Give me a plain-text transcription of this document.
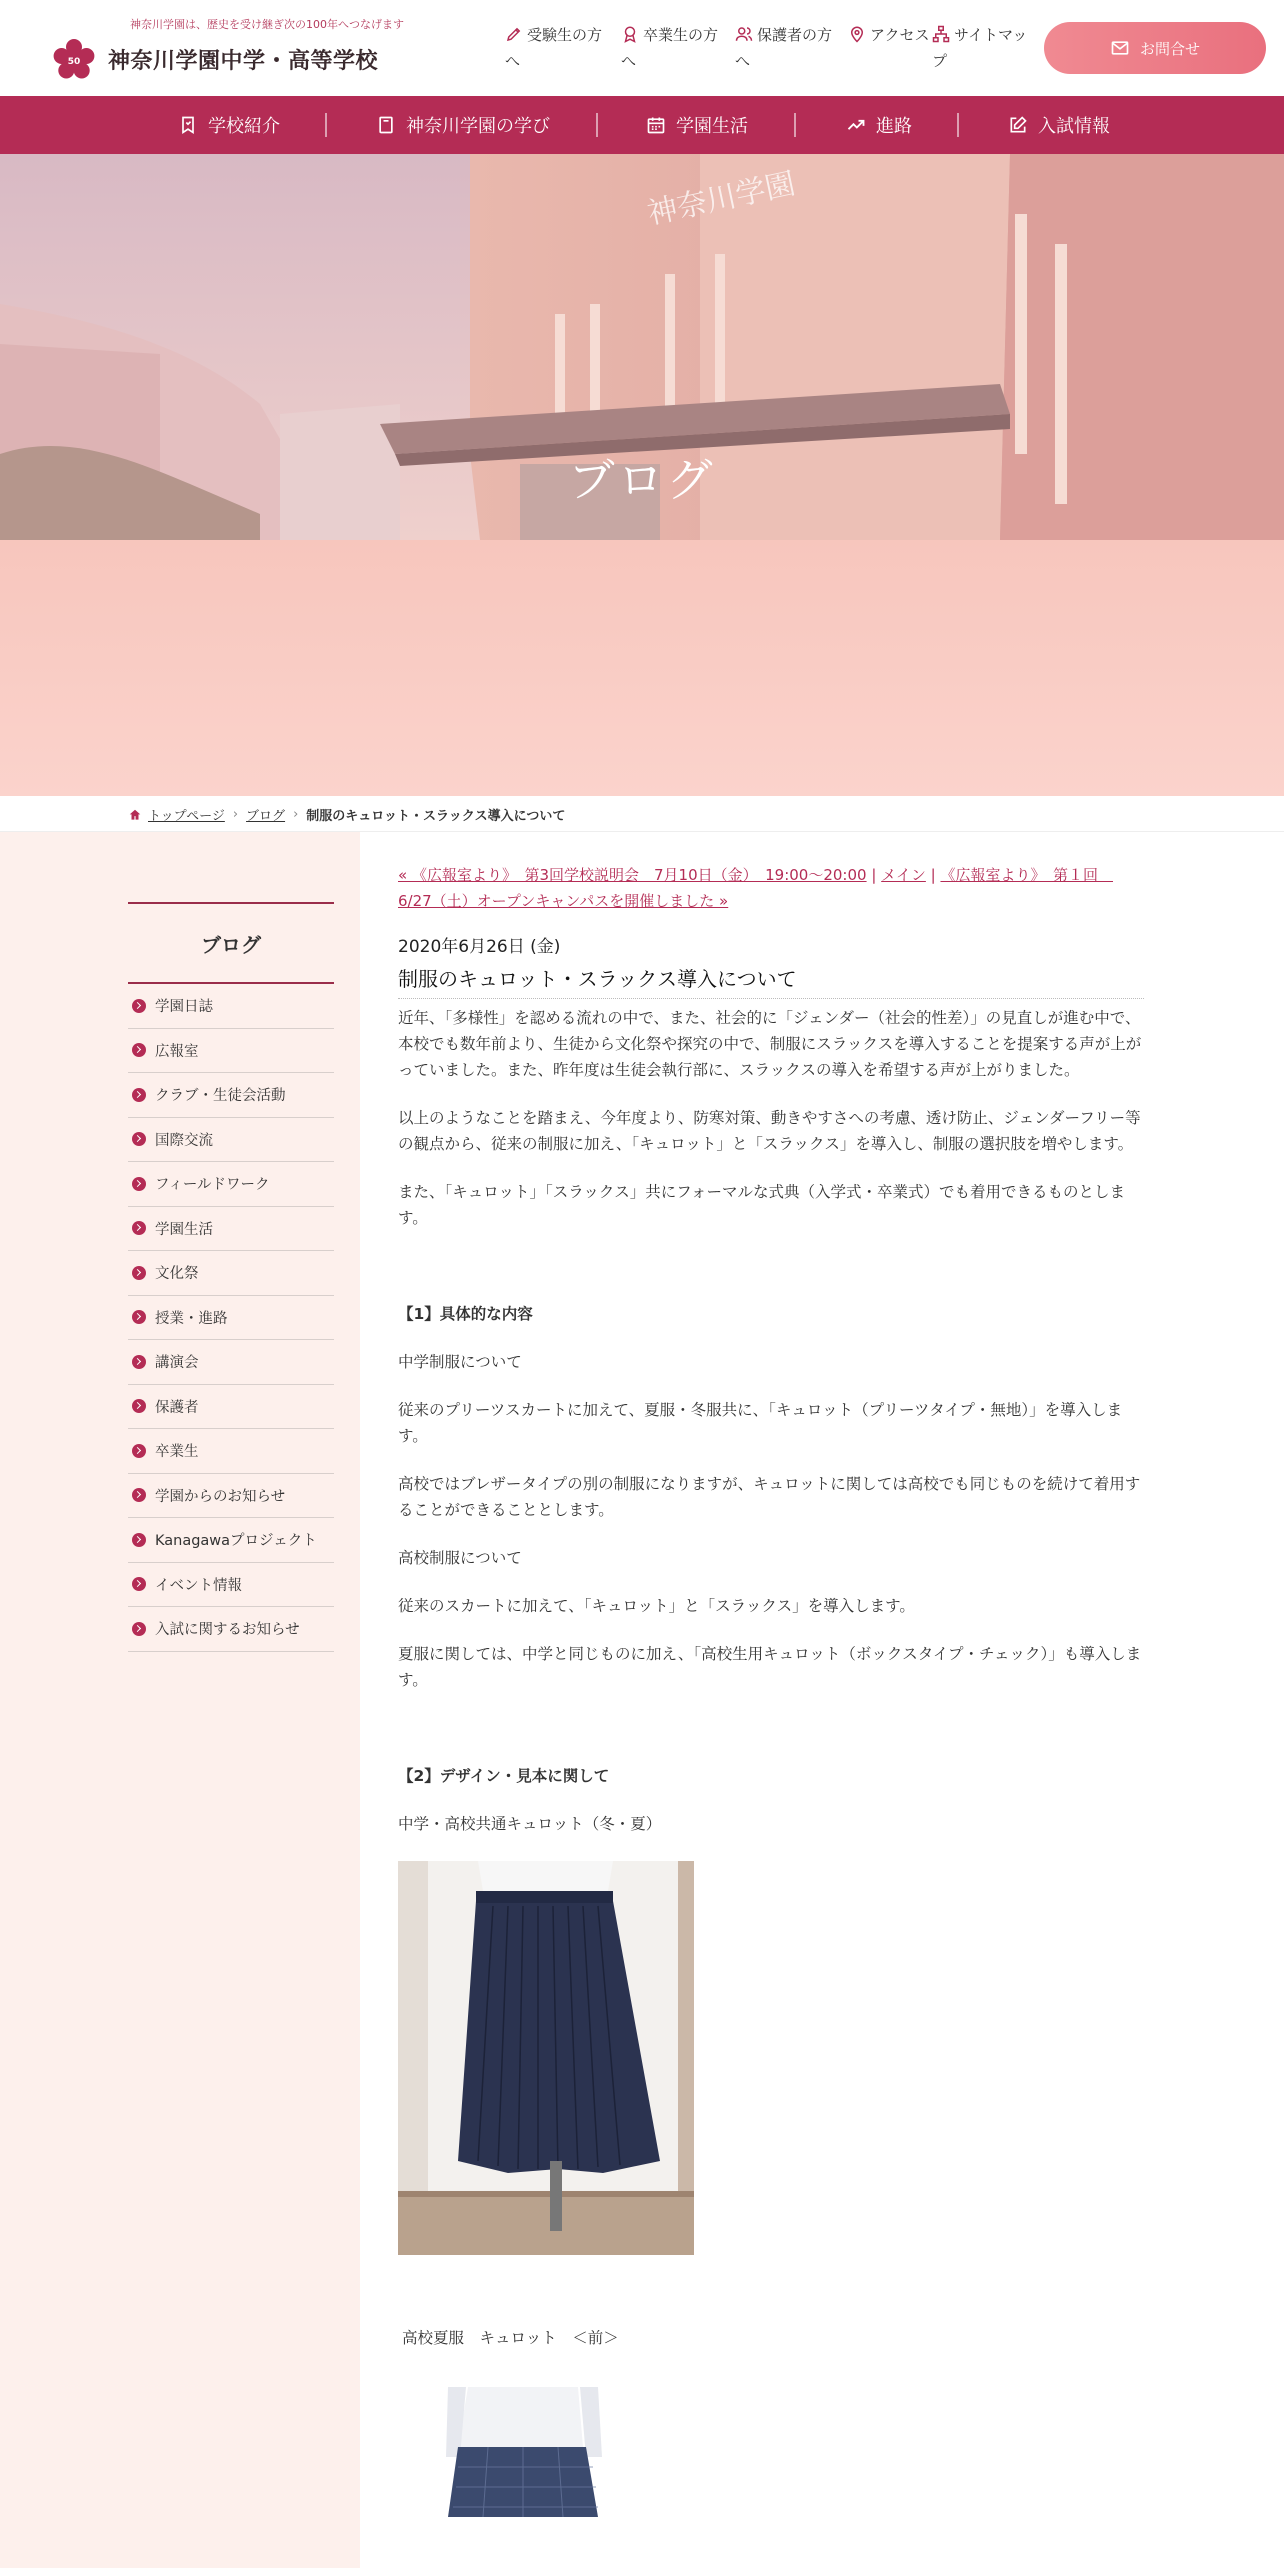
神奈川学園は、歴史を受け継ぎ次の100年へつなげます
50 神奈川学園中学・高等学校
受験生の方へ
卒業生の方へ
保護者の方へ
アクセス	サイトマップ
お問合せ
学校紹介	神奈川学園の学び	学園生活	進路	入試情報
神奈川学園
ブログ
トップページ › ブログ › 制服のキュロット・スラックス導入について
ブログ
学園日誌
広報室
クラブ・生徒会活動
国際交流
フィールドワーク
学園生活
文化祭
授業・進路
講演会
保護者
卒業生
学園からのお知らせ
Kanagawaプロジェクト
イベント情報
入試に関するお知らせ
« 《広報室より》　第3回学校説明会　7月10日（金）　19:00～20:00 | メイン | 《広報室より》　第１回　6/27（土）オープンキャンパスを開催しました »
2020年6月26日 (金)
制服のキュロット・スラックス導入について

近年、「多様性」を認める流れの中で、また、社会的に「ジェンダー（社会的性差）」の見直しが進む中で、本校でも数年前より、生徒から文化祭や探究の中で、制服にスラックスを導入することを提案する声が上がっていました。また、昨年度は生徒会執行部に、スラックスの導入を希望する声が上がりました。

以上のようなことを踏まえ、今年度より、防寒対策、動きやすさへの考慮、透け防止、ジェンダーフリー等の観点から、従来の制服に加え、「キュロット」と「スラックス」を導入し、制服の選択肢を増やします。

また、「キュロット」「スラックス」共にフォーマルな式典（入学式・卒業式）でも着用できるものとします。

【1】具体的な内容

中学制服について

従来のプリーツスカートに加えて、夏服・冬服共に、「キュロット（プリーツタイプ・無地）」を導入します。

高校ではブレザータイプの別の制服になりますが、キュロットに関しては高校でも同じものを続けて着用することができることとします。

高校制服について

従来のスカートに加えて、「キュロット」と「スラックス」を導入します。

夏服に関しては、中学と同じものに加え、「高校生用キュロット（ボックスタイプ・チェック）」も導入します。

【2】デザイン・見本に関して

中学・高校共通キュロット（冬・夏）

高校夏服　キュロット　＜前＞
